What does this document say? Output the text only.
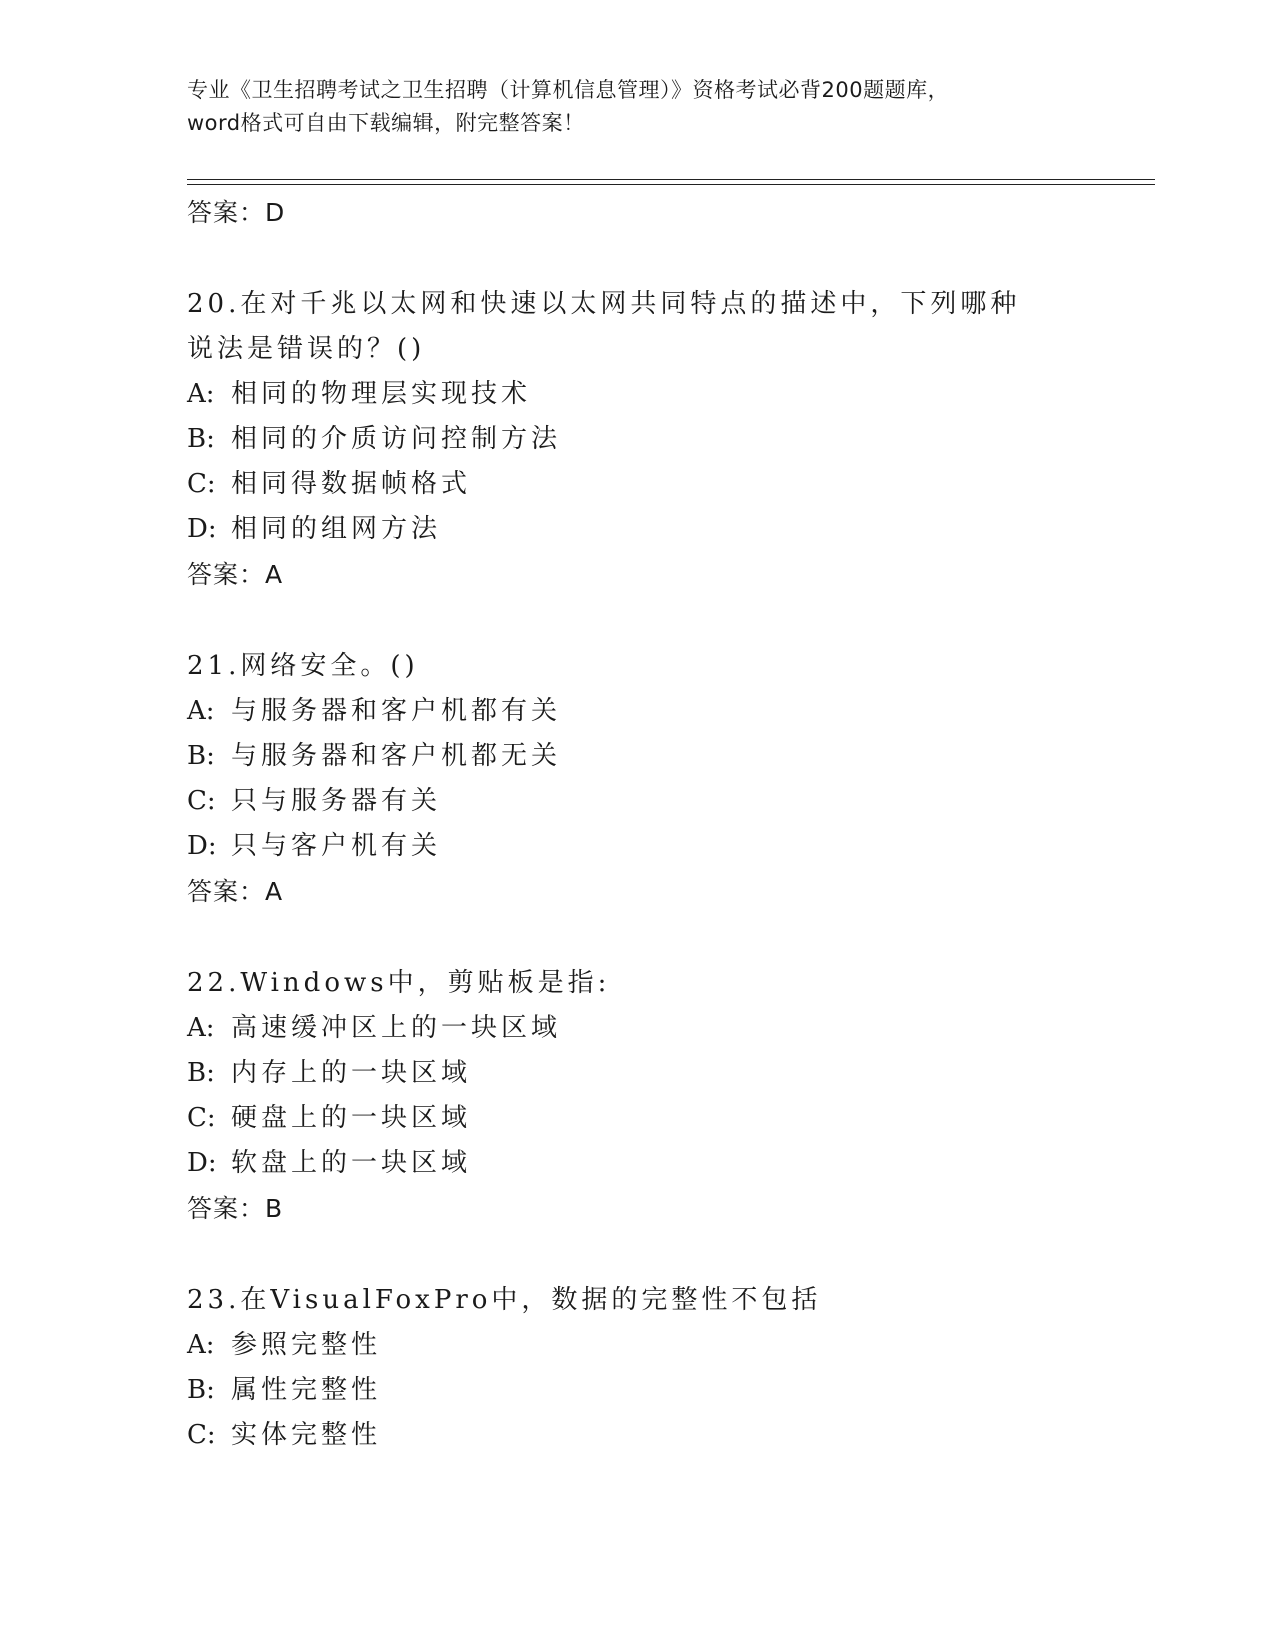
专业《卫生招聘考试之卫生招聘（计算机信息管理）》资格考试必背200题题库，
word格式可自由下载编辑，附完整答案！
答案：D
20.在对千兆以太网和快速以太网共同特点的描述中，下列哪种说法是错误的？()
A: 相同的物理层实现技术
B: 相同的介质访问控制方法
C: 相同得数据帧格式
D: 相同的组网方法
答案：A
21.网络安全。()
A: 与服务器和客户机都有关
B: 与服务器和客户机都无关
C: 只与服务器有关
D: 只与客户机有关
答案：A
22.Windows中，剪贴板是指:
A: 高速缓冲区上的一块区域
B: 内存上的一块区域
C: 硬盘上的一块区域
D: 软盘上的一块区域
答案：B
23.在VisualFoxPro中，数据的完整性不包括
A: 参照完整性
B: 属性完整性
C: 实体完整性
